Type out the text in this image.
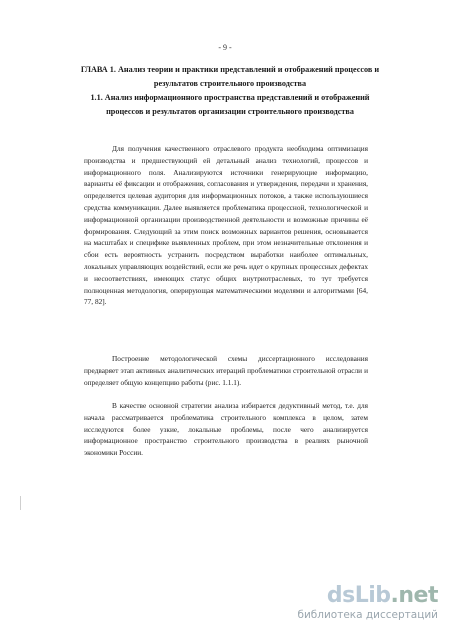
- 9 -
ГЛАВА 1. Анализ теории и практики представлений и отображений процессов и результатов строительного производства
1.1. Анализ информационного пространства представлений и отображений процессов и результатов организации строительного производства

Для получения качественного отраслевого продукта необходима оптимизация производства и предшествующий ей детальный анализ технологий, процессов и информационного поля. Анализируются источники генерирующие информацию, варианты её фиксации и отображения, согласования и утверждения, передачи и хранения, определяется целевая аудитория для информационных потоков, а также используюшиеся средства коммуникации. Далее выявляется проблематика процессной, технологической и информационной организации производственной деятельности и возможные причины её формирования. Следующий за этим поиск возможных вариантов решения, основывается на масштабах и специфике выявленных проблем, при этом незначительные отклонения и сбои есть вероятность устранить посредством выработки наиболее оптимальных, локальных управляющих воздействий, если же речь идет о крупных процессных дефектах и несоответствиях, имеющих статус общих внутриотраслевых, то тут требуется полноценная методология, оперирующая математическими моделями и алгоритмами [64, 77, 82].

Построение методологической схемы диссертационного исследования предваряет этап активных аналитических итераций проблематики строительной отрасли и определяет общую концепцию работы (рис. 1.1.1).

В качестве основной стратегии анализа избирается дедуктивный метод, т.е. для начала рассматривается проблематика строительного комплекса в целом, затем исследуются более узкие, локальные проблемы, после чего анализируется информационное пространство строительного производства в реалиях рыночной экономики России.

dsLib.net
библиотека диссертаций
